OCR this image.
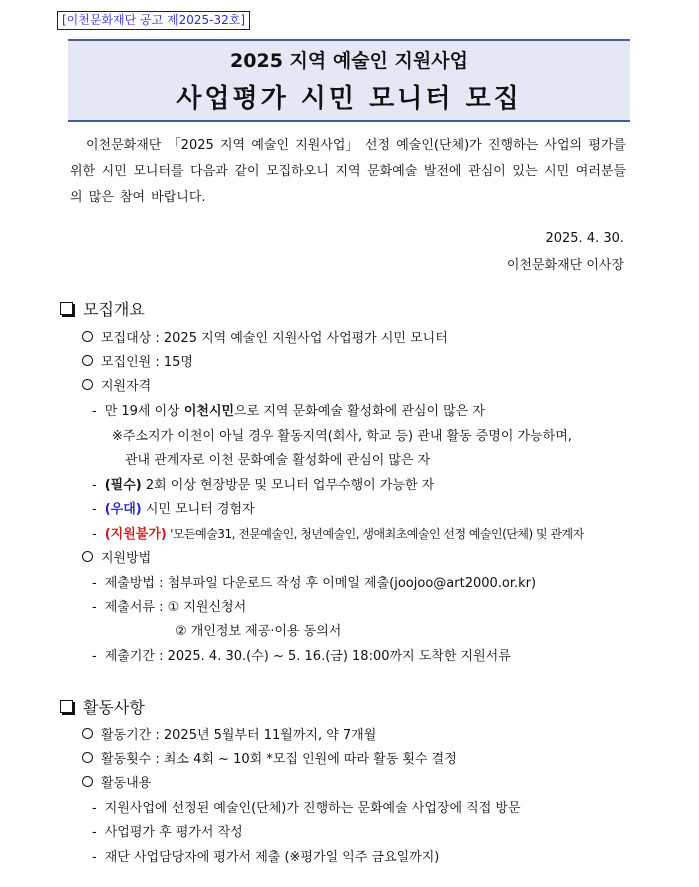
[이천문화재단 공고 제2025-32호]
2025 지역 예술인 지원사업
사업평가 시민 모니터 모집
이천문화재단 「2025 지역 예술인 지원사업」 선정 예술인(단체)가 진행하는 사업의 평가를 위한 시민 모니터를 다음과 같이 모집하오니 지역 문화예술 발전에 관심이 있는 시민 여러분들의 많은 참여 바랍니다.
2025. 4. 30.
이천문화재단 이사장
모집개요
모집대상 : 2025 지역 예술인 지원사업 사업평가 시민 모니터
모집인원 : 15명
지원자격
- 만 19세 이상 이천시민으로 지역 문화예술 활성화에 관심이 많은 자
※주소지가 이천이 아닐 경우 활동지역(회사, 학교 등) 관내 활동 증명이 가능하며,
관내 관계자로 이천 문화예술 활성화에 관심이 많은 자
- (필수) 2회 이상 현장방문 및 모니터 업무수행이 가능한 자
- (우대) 시민 모니터 경험자
- (지원불가) '모든예술31, 전문예술인, 청년예술인, 생애최초예술인 선정 예술인(단체) 및 관계자
지원방법
- 제출방법 : 첨부파일 다운로드 작성 후 이메일 제출(joojoo@art2000.or.kr)
- 제출서류 : ① 지원신청서
② 개인정보 제공·이용 동의서
- 제출기간 : 2025. 4. 30.(수) ~ 5. 16.(금) 18:00까지 도착한 지원서류
활동사항
활동기간 : 2025년 5월부터 11월까지, 약 7개월
활동횟수 : 최소 4회 ~ 10회 *모집 인원에 따라 활동 횟수 결정
활동내용
- 지원사업에 선정된 예술인(단체)가 진행하는 문화예술 사업장에 직접 방문
- 사업평가 후 평가서 작성
- 재단 사업담당자에 평가서 제출 (※평가일 익주 금요일까지)
